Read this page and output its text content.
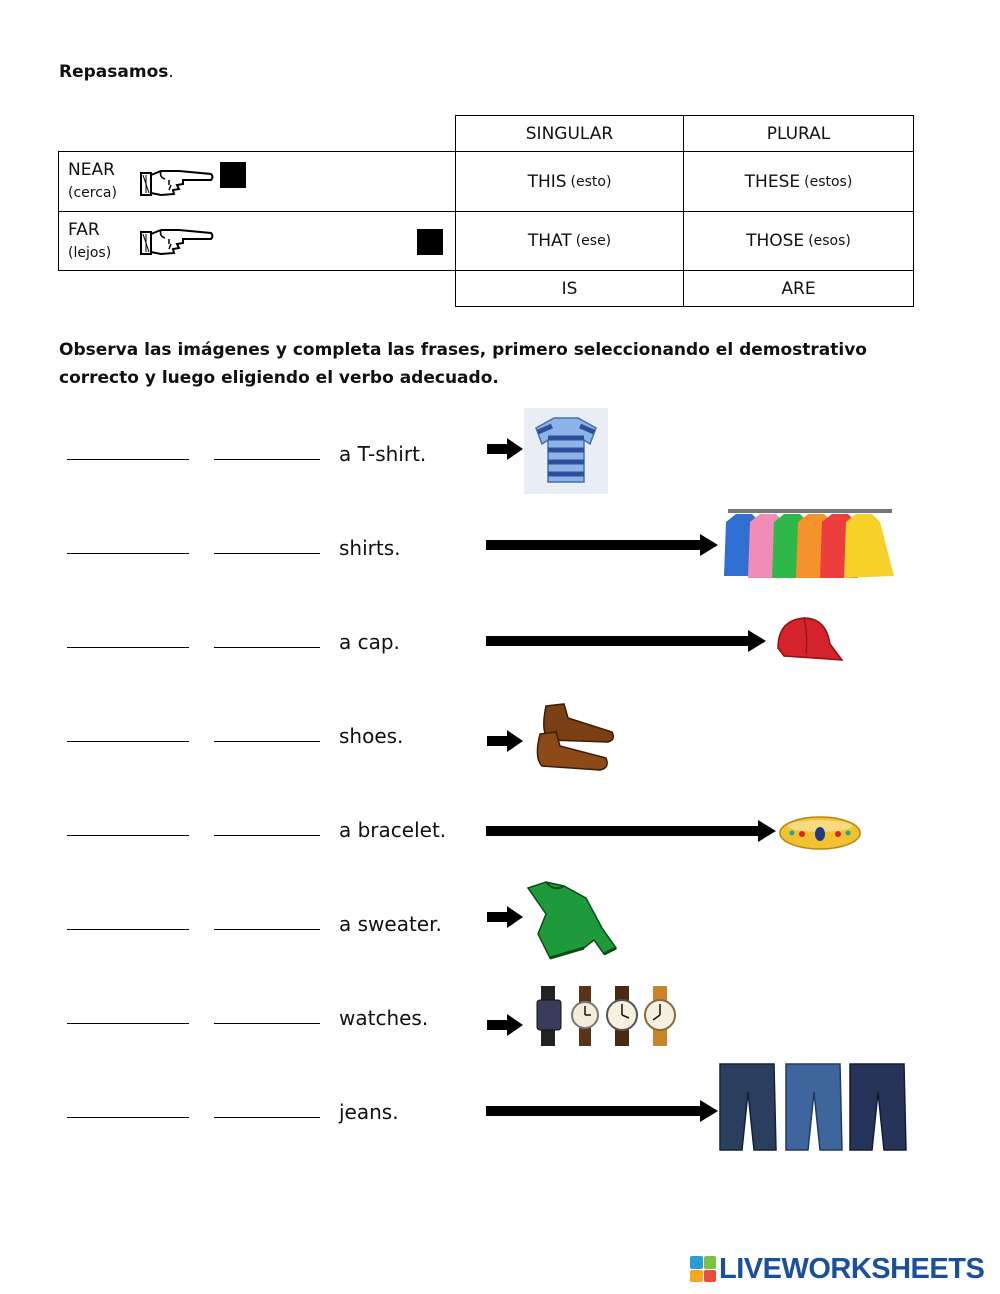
Repasamos.
SINGULAR	PLURAL
NEAR
(cerca)
THIS (esto)	THESE (estos)
FAR
(lejos)
THAT (ese)	THOSE (esos)
IS	ARE
Observa las imágenes y completa las frases, primero seleccionando el demostrativo correcto y luego eligiendo el verbo adecuado.
a T-shirt.
shirts.
a cap.
shoes.
a bracelet.
a sweater.
watches.
jeans.
LIVEWORKSHEETS
